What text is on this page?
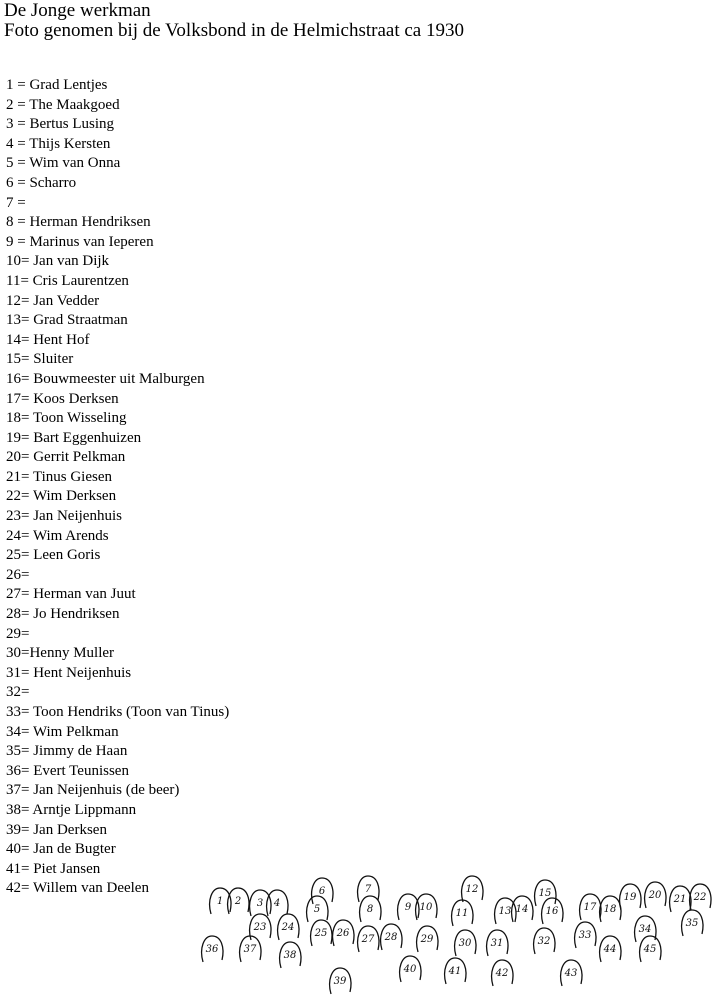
De Jonge werkman
Foto genomen bij de Volksbond in de Helmichstraat ca 1930
1 = Grad Lentjes
2 = The Maakgoed
3 = Bertus Lusing
4 = Thijs Kersten
5 = Wim van Onna
6 = Scharro
7 =
8 = Herman Hendriksen
9 = Marinus van Ieperen
10= Jan van Dijk
11= Cris Laurentzen
12= Jan Vedder
13= Grad Straatman
14= Hent Hof
15= Sluiter
16= Bouwmeester uit Malburgen
17= Koos Derksen
18= Toon Wisseling
19= Bart Eggenhuizen
20= Gerrit Pelkman
21= Tinus Giesen
22= Wim Derksen
23= Jan Neijenhuis
24= Wim Arends
25= Leen Goris
26=
27= Herman van Juut
28= Jo Hendriksen
29=
30=Henny Muller
31= Hent Neijenhuis
32=
33= Toon Hendriks (Toon van Tinus)
34= Wim Pelkman
35= Jimmy de Haan
36= Evert Teunissen
37= Jan Neijenhuis (de beer)
38= Arntje Lippmann
39= Jan Derksen
40= Jan de Bugter
41= Piet Jansen
42= Willem van Deelen
1 2 3 4
6	7	12	15	19 20 21 22
8	9 10
11	13 14 16	17 18
5
23 24
25 26
27 28 29	30 31	32
33
34
35
36	37
38
39
40	41	42	43
44	45
